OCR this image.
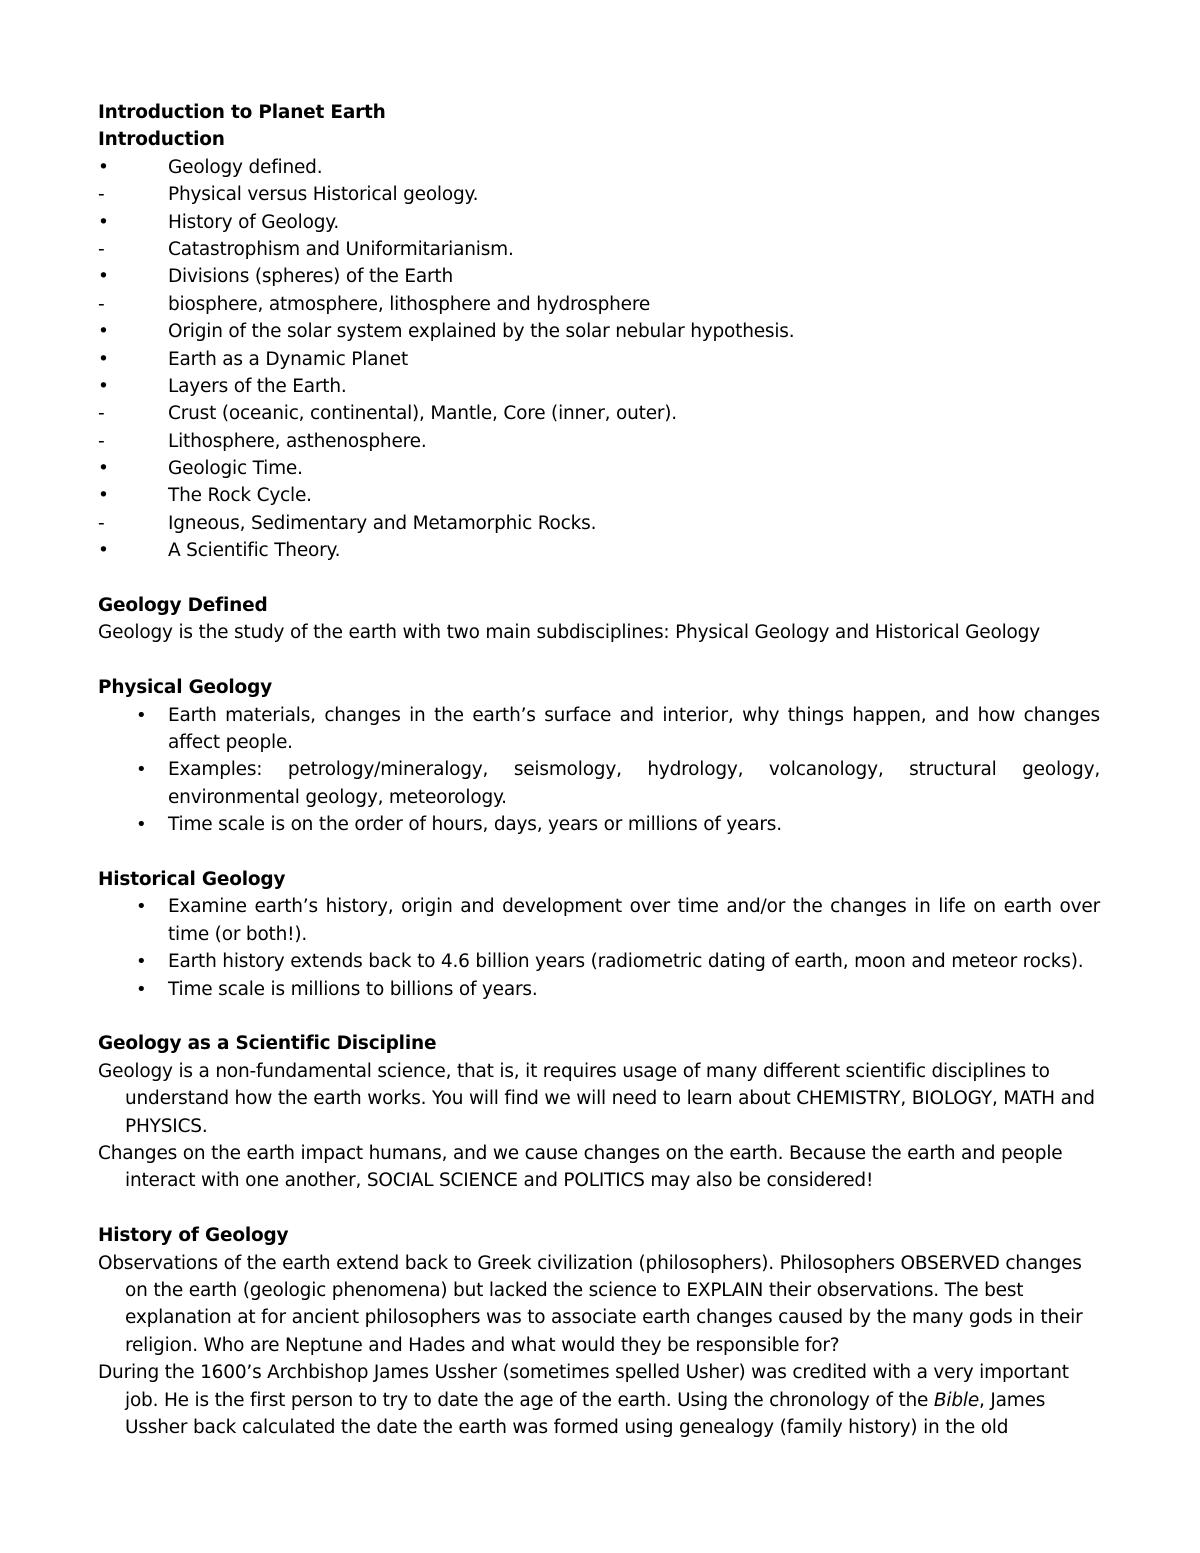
Introduction to Planet Earth
Introduction
•	Geology defined.
-	Physical versus Historical geology.
•	History of Geology.
-	Catastrophism and Uniformitarianism.
•	Divisions (spheres) of the Earth
-	biosphere, atmosphere, lithosphere and hydrosphere
•	Origin of the solar system explained by the solar nebular hypothesis.
•	Earth as a Dynamic Planet
•	Layers of the Earth.
-	Crust (oceanic, continental), Mantle, Core (inner, outer).
-	Lithosphere, asthenosphere.
•	Geologic Time.
•	The Rock Cycle.
-	Igneous, Sedimentary and Metamorphic Rocks.
•	A Scientific Theory.
Geology Defined
Geology is the study of the earth with two main subdisciplines: Physical Geology and Historical Geology
Physical Geology
• Earth materials, changes in the earth’s surface and interior, why things happen, and how changes affect people.
• Examples: petrology/mineralogy, seismology, hydrology, volcanology, structural geology, environmental geology, meteorology.
• Time scale is on the order of hours, days, years or millions of years.
Historical Geology
• Examine earth’s history, origin and development over time and/or the changes in life on earth over time (or both!).
• Earth history extends back to 4.6 billion years (radiometric dating of earth, moon and meteor rocks).
• Time scale is millions to billions of years.
Geology as a Scientific Discipline
Geology is a non-fundamental science, that is, it requires usage of many different scientific disciplines to understand how the earth works. You will find we will need to learn about CHEMISTRY, BIOLOGY, MATH and PHYSICS.
Changes on the earth impact humans, and we cause changes on the earth. Because the earth and people interact with one another, SOCIAL SCIENCE and POLITICS may also be considered!
History of Geology
Observations of the earth extend back to Greek civilization (philosophers). Philosophers OBSERVED changes on the earth (geologic phenomena) but lacked the science to EXPLAIN their observations. The best explanation at for ancient philosophers was to associate earth changes caused by the many gods in their religion. Who are Neptune and Hades and what would they be responsible for?
During the 1600’s Archbishop James Ussher (sometimes spelled Usher) was credited with a very important job. He is the first person to try to date the age of the earth. Using the chronology of the Bible, James Ussher back calculated the date the earth was formed using genealogy (family history) in the old
